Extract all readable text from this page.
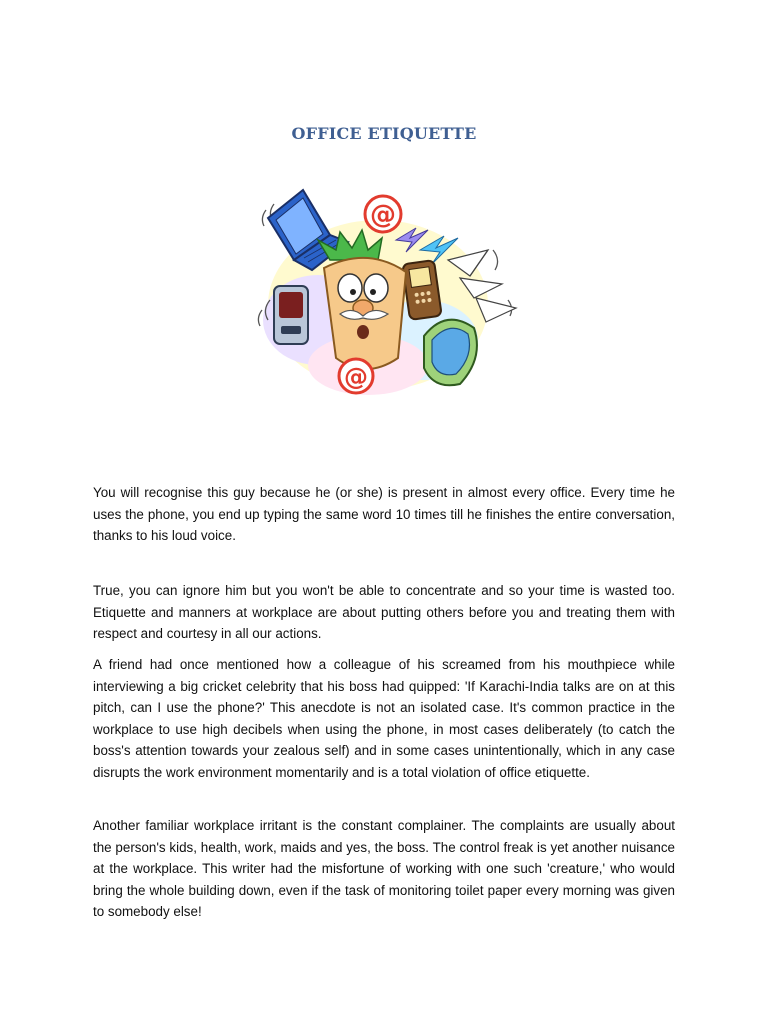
OFFICE ETIQUETTE
@
@

You will recognise this guy because he (or she) is present in almost every office. Every time he uses the phone, you end up typing the same word 10 times till he finishes the entire conversation, thanks to his loud voice.

True, you can ignore him but you won't be able to concentrate and so your time is wasted too. Etiquette and manners at workplace are about putting others before you and treating them with respect and courtesy in all our actions.

A friend had once mentioned how a colleague of his screamed from his mouthpiece while interviewing a big cricket celebrity that his boss had quipped: 'If Karachi-India talks are on at this pitch, can I use the phone?' This anecdote is not an isolated case. It's common practice in the workplace to use high decibels when using the phone, in most cases deliberately (to catch the boss's attention towards your zealous self) and in some cases unintentionally, which in any case disrupts the work environment momentarily and is a total violation of office etiquette.

Another familiar workplace irritant is the constant complainer. The complaints are usually about the person's kids, health, work, maids and yes, the boss. The control freak is yet another nuisance at the workplace. This writer had the misfortune of working with one such 'creature,' who would bring the whole building down, even if the task of monitoring toilet paper every morning was given to somebody else!
